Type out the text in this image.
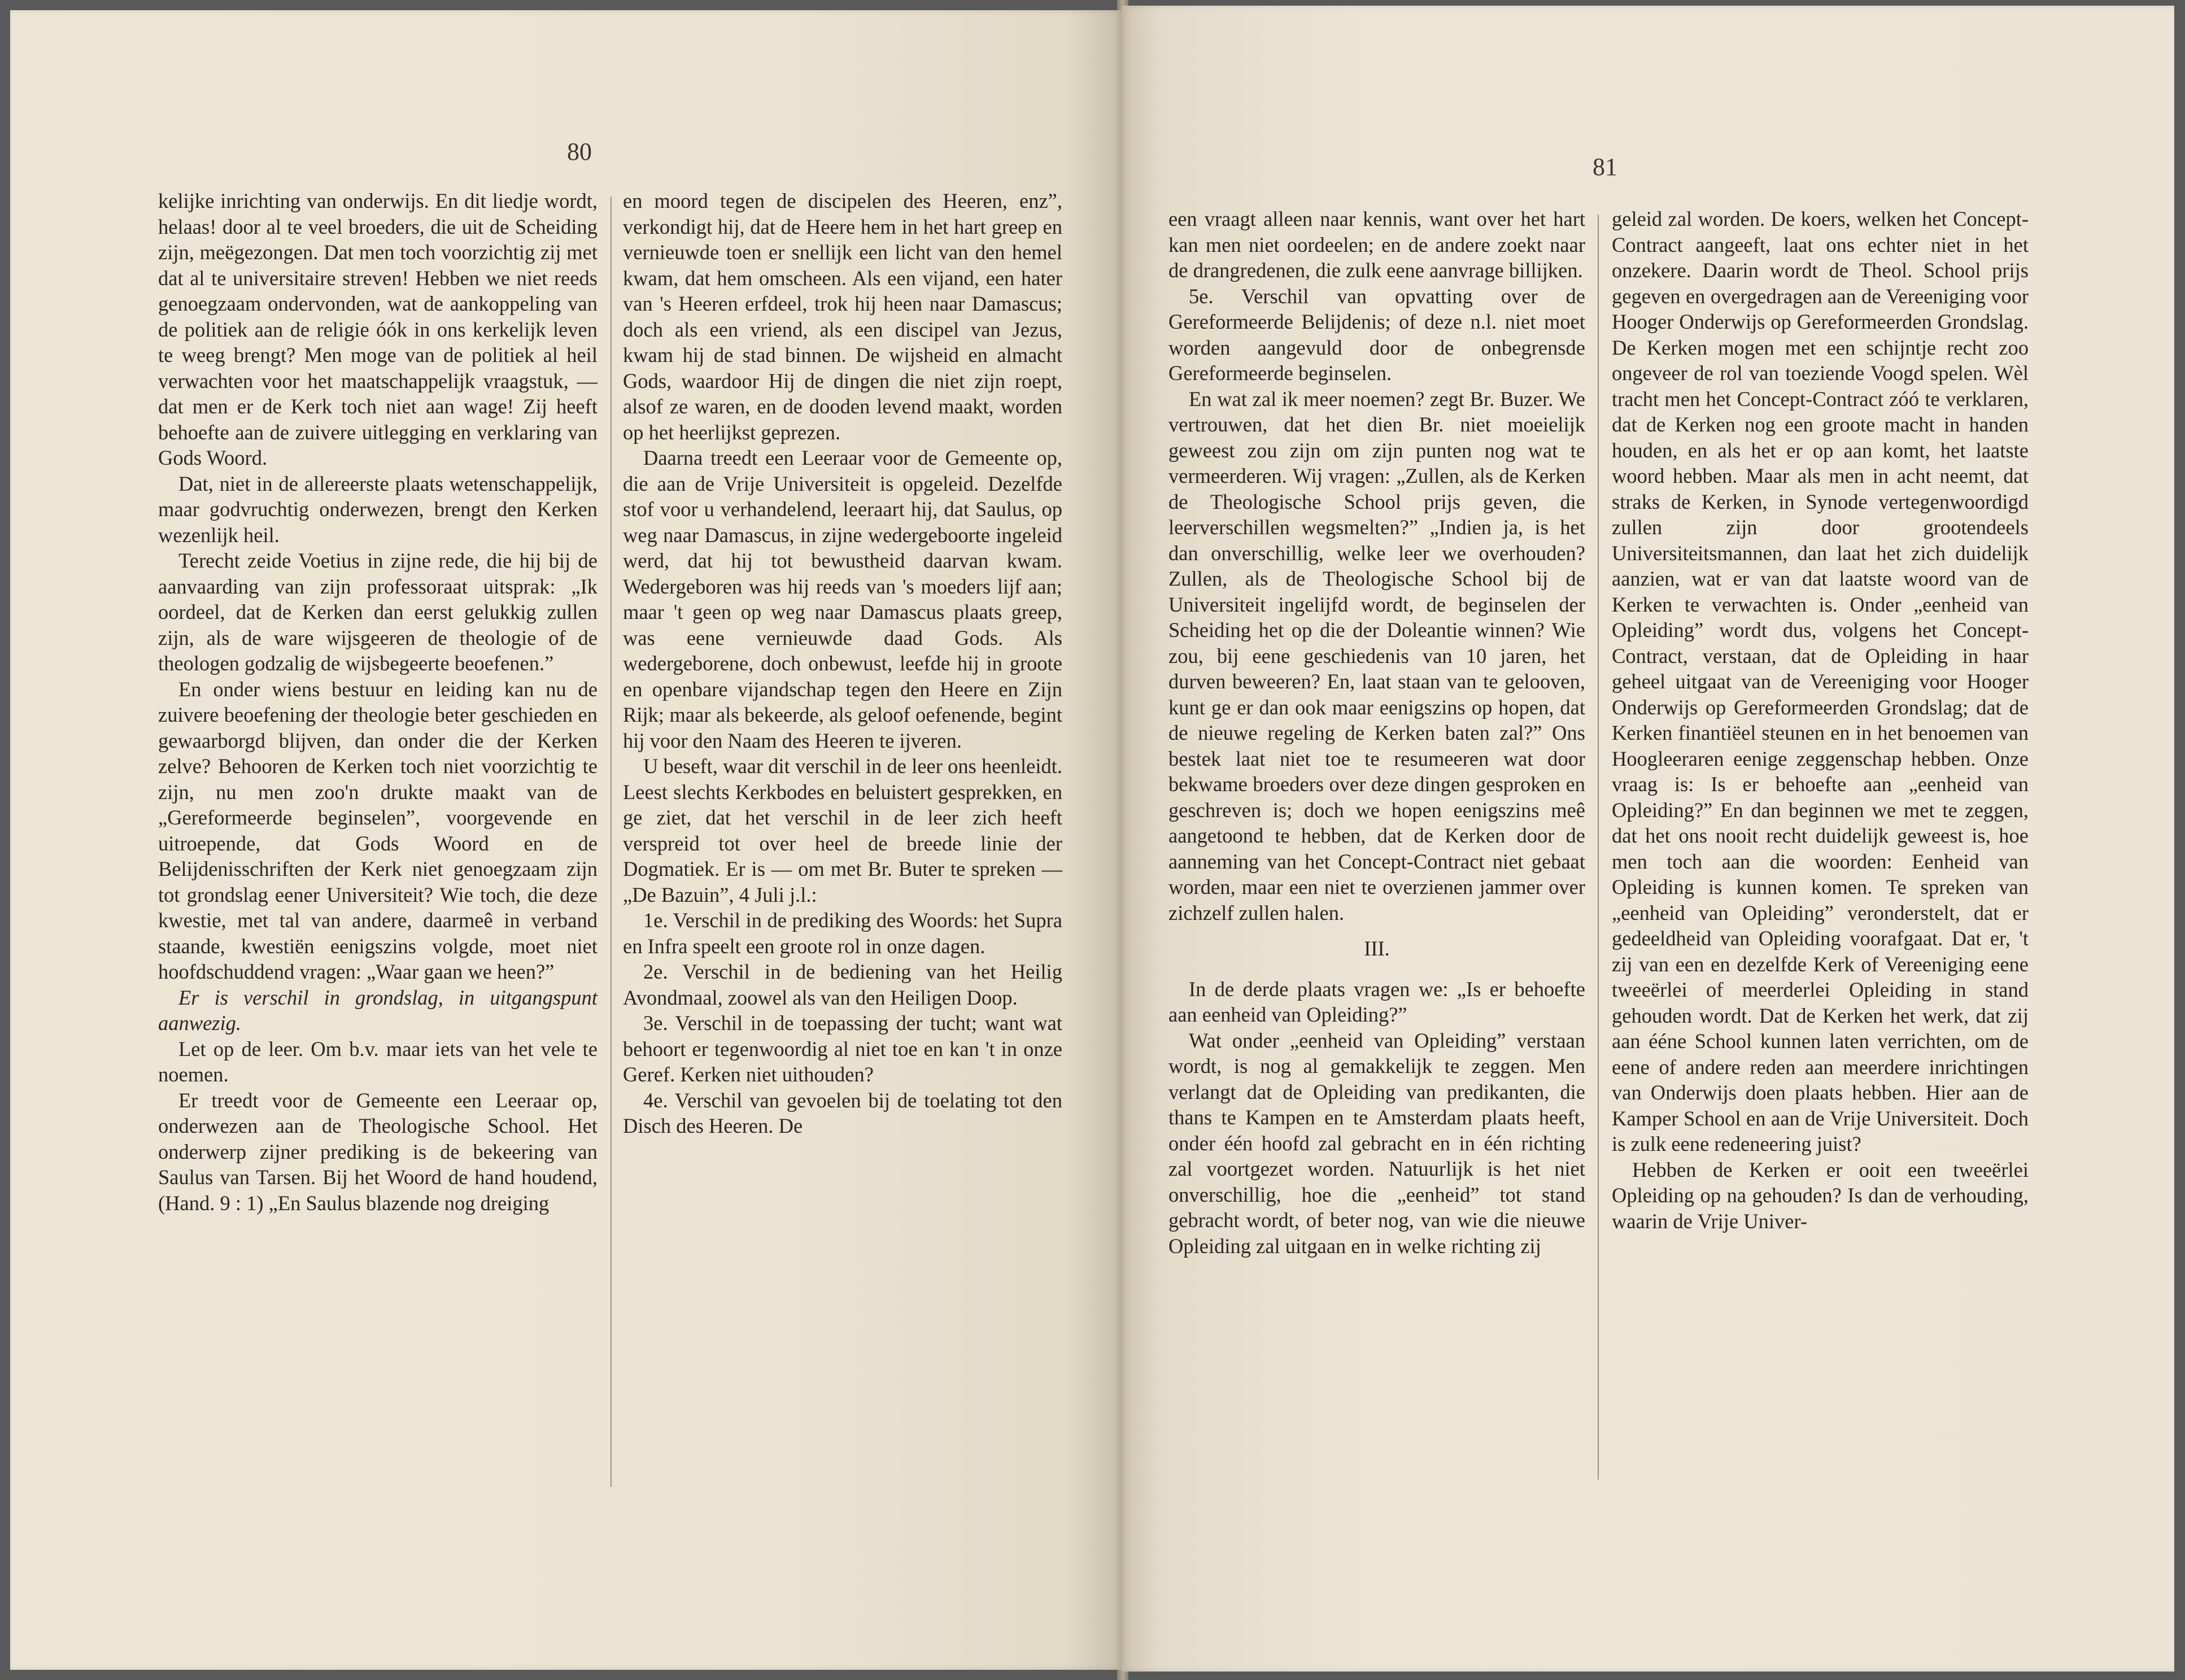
80

kelijke inrichting van onderwijs. En dit liedje wordt, helaas! door al te veel broeders, die uit de Scheiding zijn, meëgezongen. Dat men toch voorzichtig zij met dat al te universitaire streven! Hebben we niet reeds genoegzaam ondervonden, wat de aankoppeling van de politiek aan de religie óók in ons kerkelijk leven te weeg brengt? Men moge van de politiek al heil verwachten voor het maatschappelijk vraagstuk, — dat men er de Kerk toch niet aan wage! Zij heeft behoefte aan de zuivere uitlegging en verklaring van Gods Woord.

Dat, niet in de allereerste plaats wetenschappelijk, maar godvruchtig onderwezen, brengt den Kerken wezenlijk heil.

Terecht zeide Voetius in zijne rede, die hij bij de aanvaarding van zijn professoraat uitsprak: „Ik oordeel, dat de Kerken dan eerst gelukkig zullen zijn, als de ware wijsgeeren de theologie of de theologen godzalig de wijsbegeerte beoefenen.”

En onder wiens bestuur en leiding kan nu de zuivere beoefening der theologie beter geschieden en gewaarborgd blijven, dan onder die der Kerken zelve? Behooren de Kerken toch niet voorzichtig te zijn, nu men zoo'n drukte maakt van de „Gereformeerde beginselen”, voorgevende en uitroepende, dat Gods Woord en de Belijdenisschriften der Kerk niet genoegzaam zijn tot grondslag eener Universiteit? Wie toch, die deze kwestie, met tal van andere, daarmeê in verband staande, kwestiën eenigszins volgde, moet niet hoofdschuddend vragen: „Waar gaan we heen?”

Er is verschil in grondslag, in uitgangspunt aanwezig.

Let op de leer. Om b.v. maar iets van het vele te noemen.

Er treedt voor de Gemeente een Leeraar op, onderwezen aan de Theologische School. Het onderwerp zijner prediking is de bekeering van Saulus van Tarsen. Bij het Woord de hand houdend, (Hand. 9 : 1) „En Saulus blazende nog dreiging

en moord tegen de discipelen des Heeren, enz”, verkondigt hij, dat de Heere hem in het hart greep en vernieuwde toen er snellijk een licht van den hemel kwam, dat hem omscheen. Als een vijand, een hater van 's Heeren erfdeel, trok hij heen naar Damascus; doch als een vriend, als een discipel van Jezus, kwam hij de stad binnen. De wijsheid en almacht Gods, waardoor Hij de dingen die niet zijn roept, alsof ze waren, en de dooden levend maakt, worden op het heerlijkst geprezen.

Daarna treedt een Leeraar voor de Gemeente op, die aan de Vrije Universiteit is opgeleid. Dezelfde stof voor u verhandelend, leeraart hij, dat Saulus, op weg naar Damascus, in zijne wedergeboorte ingeleid werd, dat hij tot bewustheid daarvan kwam. Wedergeboren was hij reeds van 's moeders lijf aan; maar 't geen op weg naar Damascus plaats greep, was eene vernieuwde daad Gods. Als wedergeborene, doch onbewust, leefde hij in groote en openbare vijandschap tegen den Heere en Zijn Rijk; maar als bekeerde, als geloof oefenende, begint hij voor den Naam des Heeren te ijveren.

U beseft, waar dit verschil in de leer ons heenleidt. Leest slechts Kerkbodes en beluistert gesprekken, en ge ziet, dat het verschil in de leer zich heeft verspreid tot over heel de breede linie der Dogmatiek. Er is — om met Br. Buter te spreken — „De Bazuin”, 4 Juli j.l.:

1e. Verschil in de prediking des Woords: het Supra en Infra speelt een groote rol in onze dagen.

2e. Verschil in de bediening van het Heilig Avondmaal, zoowel als van den Heiligen Doop.

3e. Verschil in de toepassing der tucht; want wat behoort er tegenwoordig al niet toe en kan 't in onze Geref. Kerken niet uithouden?

4e. Verschil van gevoelen bij de toelating tot den Disch des Heeren. De

81

een vraagt alleen naar kennis, want over het hart kan men niet oordeelen; en de andere zoekt naar de drangredenen, die zulk eene aanvrage billijken.

5e. Verschil van opvatting over de Gereformeerde Belijdenis; of deze n.l. niet moet worden aangevuld door de onbegrensde Gereformeerde beginselen.

En wat zal ik meer noemen? zegt Br. Buzer. We vertrouwen, dat het dien Br. niet moeielijk geweest zou zijn om zijn punten nog wat te vermeerderen. Wij vragen: „Zullen, als de Kerken de Theologische School prijs geven, die leerverschillen wegsmelten?” „Indien ja, is het dan onverschillig, welke leer we overhouden? Zullen, als de Theologische School bij de Universiteit ingelijfd wordt, de beginselen der Scheiding het op die der Doleantie winnen? Wie zou, bij eene geschiedenis van 10 jaren, het durven beweeren? En, laat staan van te gelooven, kunt ge er dan ook maar eenigszins op hopen, dat de nieuwe regeling de Kerken baten zal?” Ons bestek laat niet toe te resumeeren wat door bekwame broeders over deze dingen gesproken en geschreven is; doch we hopen eenigszins meê aangetoond te hebben, dat de Kerken door de aanneming van het Concept-Contract niet gebaat worden, maar een niet te overzienen jammer over zichzelf zullen halen.

III.

In de derde plaats vragen we: „Is er behoefte aan eenheid van Opleiding?”

Wat onder „eenheid van Opleiding” verstaan wordt, is nog al gemakkelijk te zeggen. Men verlangt dat de Opleiding van predikanten, die thans te Kampen en te Amsterdam plaats heeft, onder één hoofd zal gebracht en in één richting zal voortgezet worden. Natuurlijk is het niet onverschillig, hoe die „eenheid” tot stand gebracht wordt, of beter nog, van wie die nieuwe Opleiding zal uitgaan en in welke richting zij

geleid zal worden. De koers, welken het Concept-Contract aangeeft, laat ons echter niet in het onzekere. Daarin wordt de Theol. School prijs gegeven en overgedragen aan de Vereeniging voor Hooger Onderwijs op Gereformeerden Grondslag. De Kerken mogen met een schijntje recht zoo ongeveer de rol van toeziende Voogd spelen. Wèl tracht men het Concept-Contract zóó te verklaren, dat de Kerken nog een groote macht in handen houden, en als het er op aan komt, het laatste woord hebben. Maar als men in acht neemt, dat straks de Kerken, in Synode vertegenwoordigd zullen zijn door grootendeels Universiteitsmannen, dan laat het zich duidelijk aanzien, wat er van dat laatste woord van de Kerken te verwachten is. Onder „eenheid van Opleiding” wordt dus, volgens het Concept-Contract, verstaan, dat de Opleiding in haar geheel uitgaat van de Vereeniging voor Hooger Onderwijs op Gereformeerden Grondslag; dat de Kerken finantiëel steunen en in het benoemen van Hoogleeraren eenige zeggenschap hebben. Onze vraag is: Is er behoefte aan „eenheid van Opleiding?” En dan beginnen we met te zeggen, dat het ons nooit recht duidelijk geweest is, hoe men toch aan die woorden: Eenheid van Opleiding is kunnen komen. Te spreken van „eenheid van Opleiding” veronderstelt, dat er gedeeldheid van Opleiding voorafgaat. Dat er, 't zij van een en dezelfde Kerk of Vereeniging eene tweeërlei of meerderlei Opleiding in stand gehouden wordt. Dat de Kerken het werk, dat zij aan ééne School kunnen laten verrichten, om de eene of andere reden aan meerdere inrichtingen van Onderwijs doen plaats hebben. Hier aan de Kamper School en aan de Vrije Universiteit. Doch is zulk eene redeneering juist?

Hebben de Kerken er ooit een tweeërlei Opleiding op na gehouden? Is dan de verhouding, waarin de Vrije Univer-
